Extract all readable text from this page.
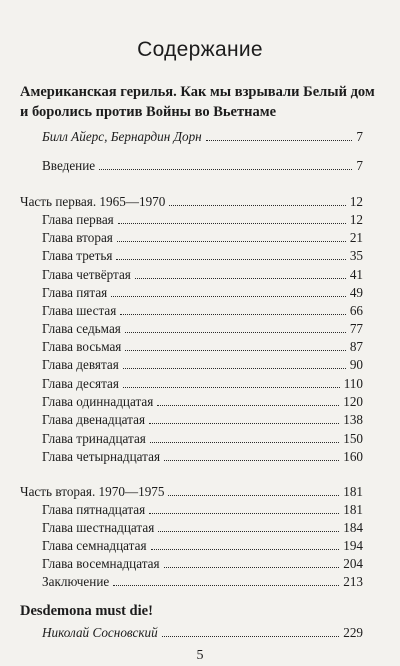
Содержание
Американская герилья. Как мы взрывали Белый дом
и боролись против Войны во Вьетнаме
Билл Айерс, Бернардин Дорн	7
Введение	7
Часть первая. 1965—1970	12
Глава первая	12
Глава вторая	21
Глава третья	35
Глава четвёртая	41
Глава пятая	49
Глава шестая	66
Глава седьмая	77
Глава восьмая	87
Глава девятая	90
Глава десятая	110
Глава одиннадцатая	120
Глава двенадцатая	138
Глава тринадцатая	150
Глава четырнадцатая	160
Часть вторая. 1970—1975	181
Глава пятнадцатая	181
Глава шестнадцатая	184
Глава семнадцатая	194
Глава восемнадцатая	204
Заключение	213
Desdemona must die!
Николай Сосновский	229
5
